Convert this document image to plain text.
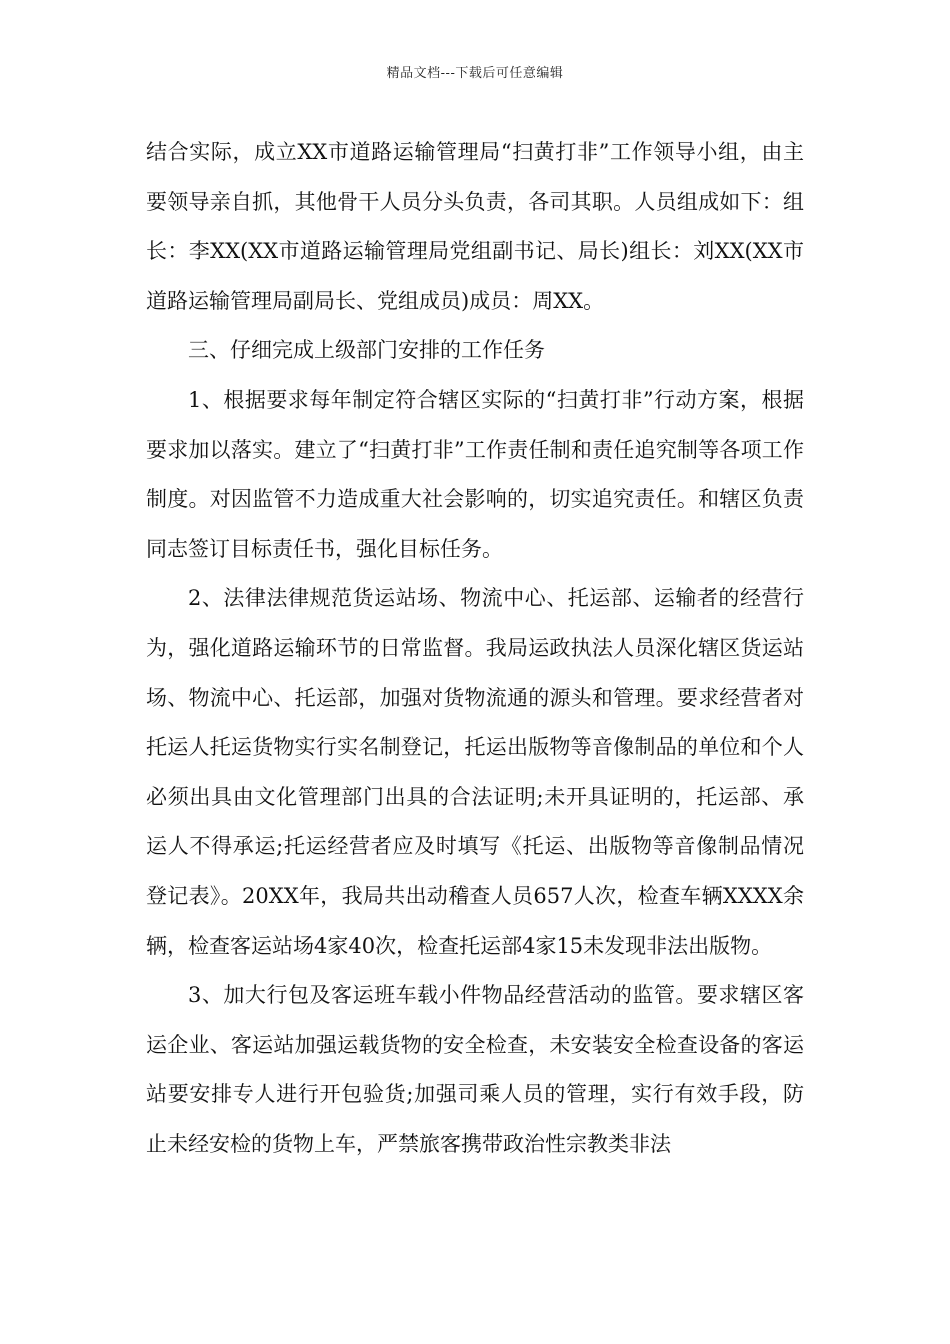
精品文档---下载后可任意编辑

结合实际，成立XX市道路运输管理局“扫黄打非”工作领导小组，由主要领导亲自抓，其他骨干人员分头负责，各司其职。人员组成如下：组长：李XX(XX市道路运输管理局党组副书记、局长)组长：刘XX(XX市道路运输管理局副局长、党组成员)成员：周XX。

三、仔细完成上级部门安排的工作任务

1、根据要求每年制定符合辖区实际的“扫黄打非”行动方案，根据要求加以落实。建立了“扫黄打非”工作责任制和责任追究制等各项工作制度。对因监管不力造成重大社会影响的，切实追究责任。和辖区负责同志签订目标责任书，强化目标任务。

2、法律法律规范货运站场、物流中心、托运部、运输者的经营行为，强化道路运输环节的日常监督。我局运政执法人员深化辖区货运站场、物流中心、托运部，加强对货物流通的源头和管理。要求经营者对托运人托运货物实行实名制登记，托运出版物等音像制品的单位和个人必须出具由文化管理部门出具的合法证明;未开具证明的，托运部、承运人不得承运;托运经营者应及时填写《托运、出版物等音像制品情况登记表》。20XX年，我局共出动稽查人员657人次，检查车辆XXXX余辆，检查客运站场4家40次，检查托运部4家15未发现非法出版物。

3、加大行包及客运班车载小件物品经营活动的监管。要求辖区客运企业、客运站加强运载货物的安全检查，未安装安全检查设备的客运站要安排专人进行开包验货;加强司乘人员的管理，实行有效手段，防止未经安检的货物上车，严禁旅客携带政治性宗教类非法
